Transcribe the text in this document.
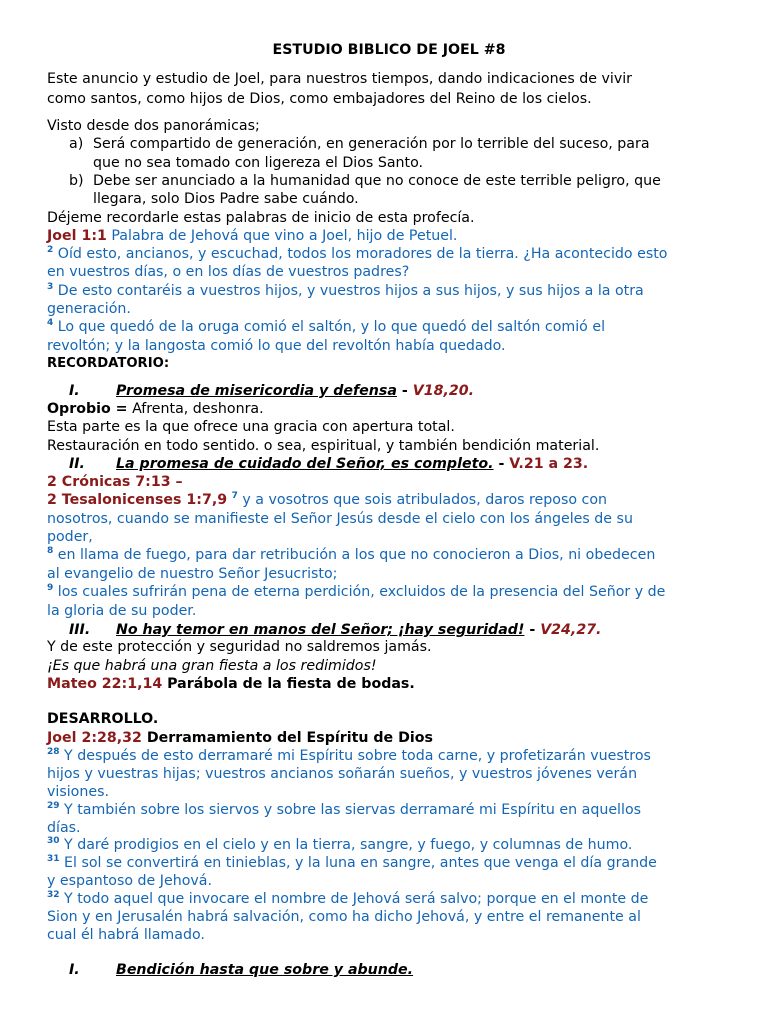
ESTUDIO BIBLICO DE JOEL #8
Este anuncio y estudio de Joel, para nuestros tiempos, dando indicaciones de vivir
como santos, como hijos de Dios, como embajadores del Reino de los cielos.
Visto desde dos panorámicas;
a) Será compartido de generación, en generación por lo terrible del suceso, para
que no sea tomado con ligereza el Dios Santo.
b) Debe ser anunciado a la humanidad que no conoce de este terrible peligro, que
llegara, solo Dios Padre sabe cuándo.
Déjeme recordarle estas palabras de inicio de esta profecía.
Joel 1:1 Palabra de Jehová que vino a Joel, hijo de Petuel.
$^2$ Oíd esto, ancianos, y escuchad, todos los moradores de la tierra. ¿Ha acontecido esto
en vuestros días, o en los días de vuestros padres?
$^3$ De esto contaréis a vuestros hijos, y vuestros hijos a sus hijos, y sus hijos a la otra
generación.
$^4$ Lo que quedó de la oruga comió el saltón, y lo que quedó del saltón comió el
revoltón; y la langosta comió lo que del revoltón había quedado.
RECORDATORIO:
I.	Promesa de misericordia y defensa - V18,20.
Oprobio = Afrenta, deshonra.
Esta parte es la que ofrece una gracia con apertura total.
Restauración en todo sentido. o sea, espiritual, y también bendición material.
II. La promesa de cuidado del Señor, es completo. - V.21 a 23.
2 Crónicas 7:13 –
2 Tesalonicenses 1:7,9 $^7$ y a vosotros que sois atribulados, daros reposo con
nosotros, cuando se manifieste el Señor Jesús desde el cielo con los ángeles de su
poder,
$^8$ en llama de fuego, para dar retribución a los que no conocieron a Dios, ni obedecen
al evangelio de nuestro Señor Jesucristo;
$^9$ los cuales sufrirán pena de eterna perdición, excluidos de la presencia del Señor y de
la gloria de su poder.
III. No hay temor en manos del Señor; ¡hay seguridad! - V24,27.
Y de este protección y seguridad no saldremos jamás.
¡Es que habrá una gran fiesta a los redimidos!
Mateo 22:1,14 Parábola de la fiesta de bodas.
DESARROLLO.
Joel 2:28,32 Derramamiento del Espíritu de Dios
$^{28}$ Y después de esto derramaré mi Espíritu sobre toda carne, y profetizarán vuestros
hijos y vuestras hijas; vuestros ancianos soñarán sueños, y vuestros jóvenes verán
visiones.
$^{29}$ Y también sobre los siervos y sobre las siervas derramaré mi Espíritu en aquellos
días.
$^{30}$ Y daré prodigios en el cielo y en la tierra, sangre, y fuego, y columnas de humo.
$^{31}$ El sol se convertirá en tinieblas, y la luna en sangre, antes que venga el día grande
y espantoso de Jehová.
$^{32}$ Y todo aquel que invocare el nombre de Jehová será salvo; porque en el monte de
Sion y en Jerusalén habrá salvación, como ha dicho Jehová, y entre el remanente al
cual él habrá llamado.
I.	Bendición hasta que sobre y abunde.
